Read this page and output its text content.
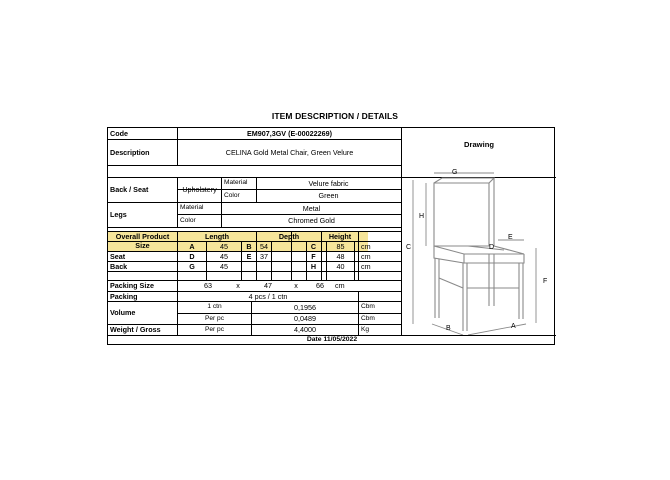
ITEM DESCRIPTION / DETAILS
Code	EM907,3GV (E-00022269)
Description	CELINA Gold Metal Chair, Green Velure
Back / Seat	Upholstery
Material	Velure fabric
Color	Green
Legs
Material	Metal
Color	Chromed Gold
Overall Product
Size
Length	Depth	Height
A	45	B	54	C	85	cm
Seat	D	45	E	37	F	48	cm
Back	G	45	H	40	cm
Packing Size	63	x	47	x	66	cm
Packing	4 pcs / 1 ctn
Volume
1 ctn	0,1956	Cbm
Per pc	0,0489	Cbm
Weight / Gross	Per pc	4,4000	Kg
Date 11/05/2022
Drawing
G
H
C
E
D
F
B	A
